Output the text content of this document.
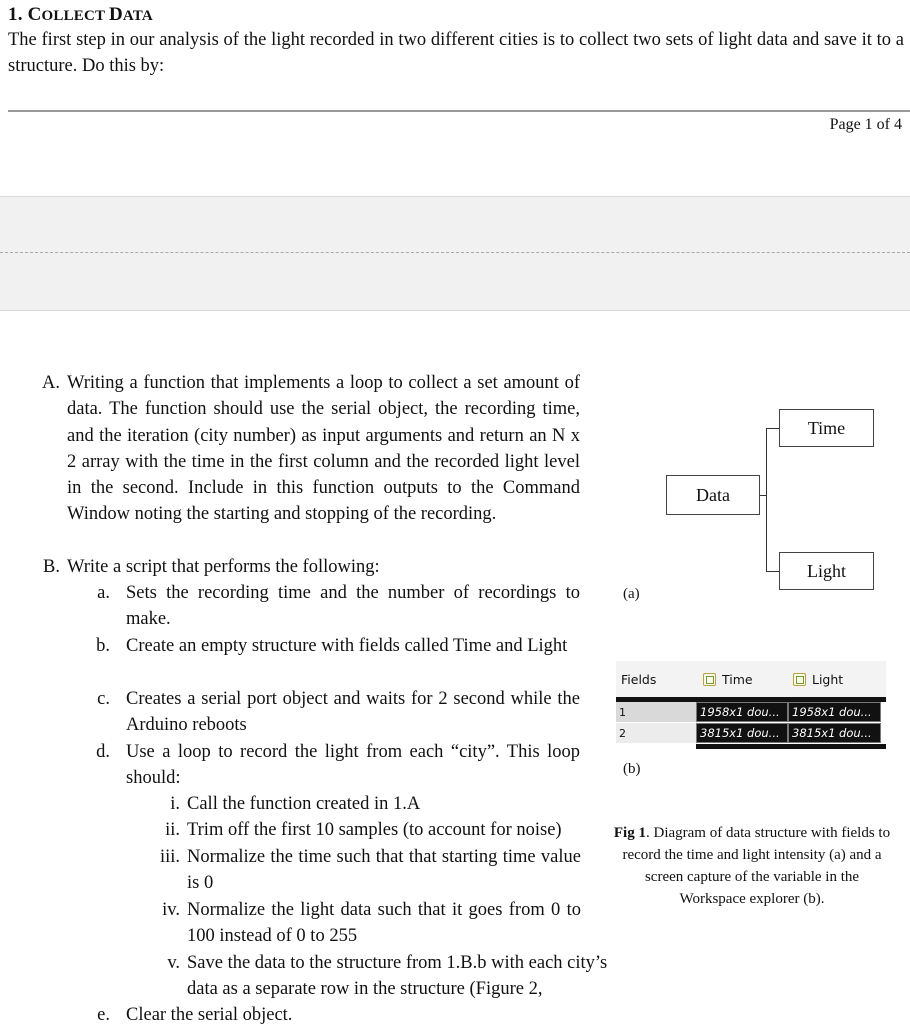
1. COLLECT DATA
The first step in our analysis of the light recorded in two different cities is to collect two sets of light data and save it to a structure. Do this by:
Page 1 of 4
A. Writing a function that implements a loop to collect a set amount of data. The function should use the serial object, the recording time, and the iteration (city number) as input arguments and return an N x 2 array with the time in the first column and the recorded light level in the second. Include in this function outputs to the Command Window noting the starting and stopping of the recording.
B. Write a script that performs the following:
a. Sets the recording time and the number of recordings to make.
b. Create an empty structure with fields called Time and Light
c. Creates a serial port object and waits for 2 second while the Arduino reboots
d. Use a loop to record the light from each “city”. This loop should:
i. Call the function created in 1.A
ii. Trim off the first 10 samples (to account for noise)
iii. Normalize the time such that that starting time value is 0
iv. Normalize the light data such that it goes from 0 to 100 instead of 0 to 255
v. Save the data to the structure from 1.B.b with each city’s data as a separate row in the structure (Figure 2,
e. Clear the serial object.
Data
Time
Light
(a)
Fields	Time	Light
1	1958x1 dou...	1958x1 dou...
2	3815x1 dou...	3815x1 dou...
(b)
Fig 1. Diagram of data structure with fields to record the time and light intensity (a) and a screen capture of the variable in the Workspace explorer (b).
